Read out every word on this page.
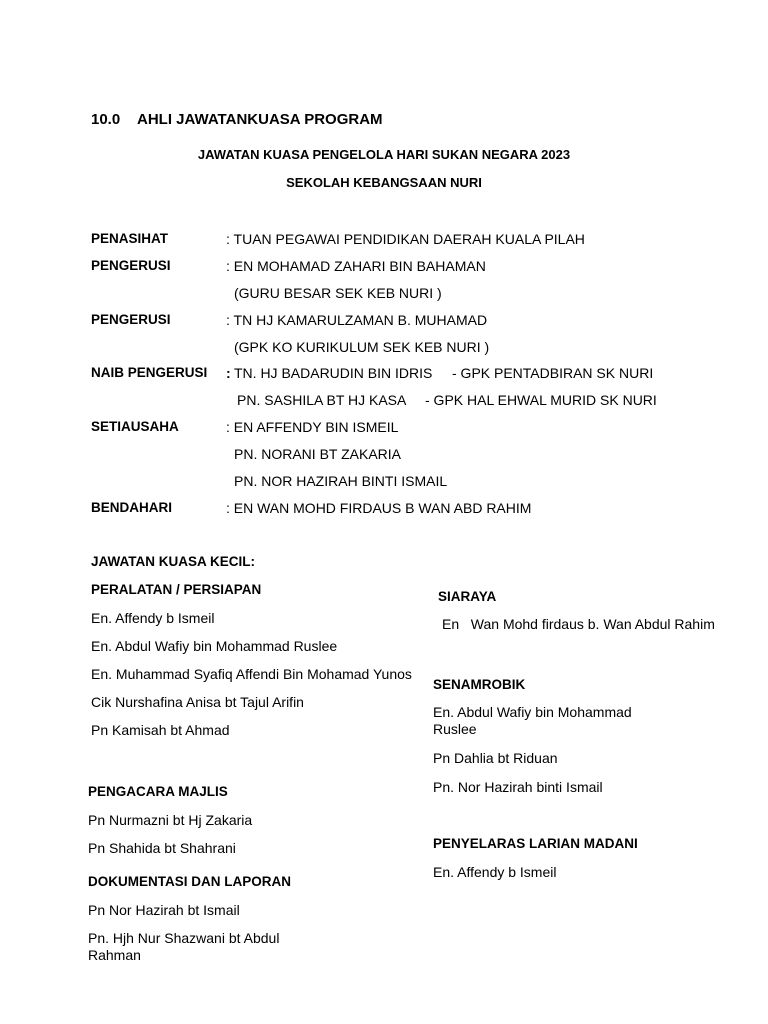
10.0 AHLI JAWATANKUASA PROGRAM
JAWATAN KUASA PENGELOLA HARI SUKAN NEGARA 2023
SEKOLAH KEBANGSAAN NURI
PENASIHAT	: TUAN PEGAWAI PENDIDIKAN DAERAH KUALA PILAH
PENGERUSI	: EN MOHAMAD ZAHARI BIN BAHAMAN
(GURU BESAR SEK KEB NURI )
PENGERUSI	: TN HJ KAMARULZAMAN B. MUHAMAD
(GPK KO KURIKULUM SEK KEB NURI )
NAIB PENGERUSI : TN. HJ BADARUDIN BIN IDRIS - GPK PENTADBIRAN SK NURI
PN. SASHILA BT HJ KASA - GPK HAL EHWAL MURID SK NURI
SETIAUSAHA	: EN AFFENDY BIN ISMEIL
PN. NORANI BT ZAKARIA
PN. NOR HAZIRAH BINTI ISMAIL
BENDAHARI	: EN WAN MOHD FIRDAUS B WAN ABD RAHIM
JAWATAN KUASA KECIL:
PERALATAN / PERSIAPAN
En. Affendy b Ismeil
En. Abdul Wafiy bin Mohammad Ruslee
En. Muhammad Syafiq Affendi Bin Mohamad Yunos
Cik Nurshafina Anisa bt Tajul Arifin
Pn Kamisah bt Ahmad
PENGACARA MAJLIS
Pn Nurmazni bt Hj Zakaria
Pn Shahida bt Shahrani
DOKUMENTASI DAN LAPORAN
Pn Nor Hazirah bt Ismail
Pn. Hjh Nur Shazwani bt Abdul Rahman
SIARAYA
En   Wan Mohd firdaus b. Wan Abdul Rahim
SENAMROBIK
En. Abdul Wafiy bin Mohammad Ruslee
Pn Dahlia bt Riduan
Pn. Nor Hazirah binti Ismail
PENYELARAS LARIAN MADANI
En. Affendy b Ismeil
